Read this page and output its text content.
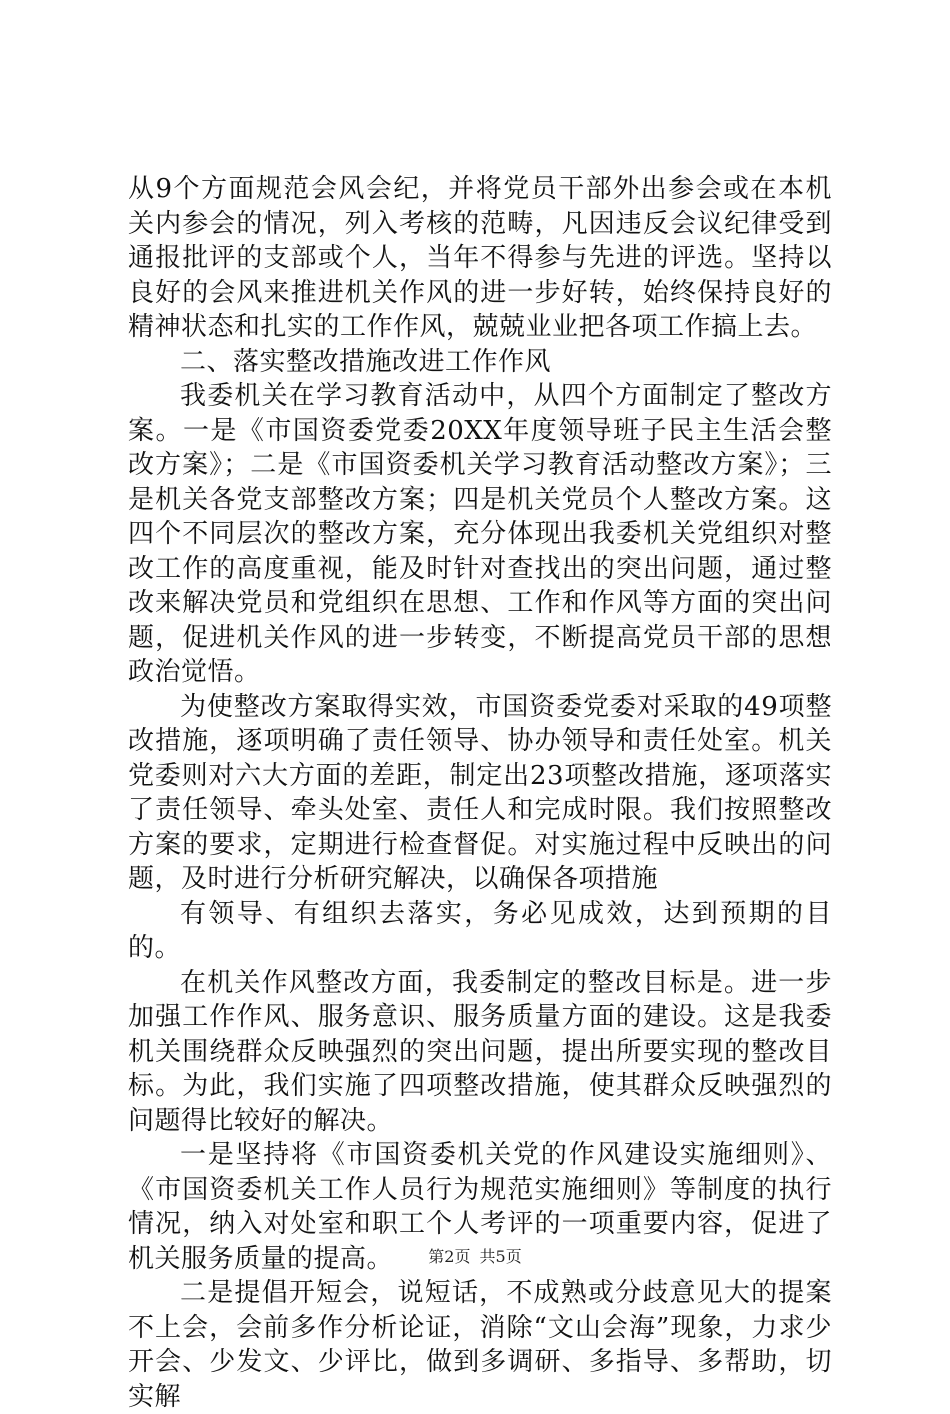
从9个方面规范会风会纪，并将党员干部外出参会或在本机关内参会的情况，列入考核的范畴，凡因违反会议纪律受到通报批评的支部或个人，当年不得参与先进的评选。坚持以良好的会风来推进机关作风的进一步好转，始终保持良好的精神状态和扎实的工作作风，兢兢业业把各项工作搞上去。

二、落实整改措施改进工作作风

我委机关在学习教育活动中，从四个方面制定了整改方案。一是《市国资委党委20XX年度领导班子民主生活会整改方案》；二是《市国资委机关学习教育活动整改方案》；三是机关各党支部整改方案；四是机关党员个人整改方案。这四个不同层次的整改方案，充分体现出我委机关党组织对整改工作的高度重视，能及时针对查找出的突出问题，通过整改来解决党员和党组织在思想、工作和作风等方面的突出问题，促进机关作风的进一步转变，不断提高党员干部的思想政治觉悟。

为使整改方案取得实效，市国资委党委对采取的49项整改措施，逐项明确了责任领导、协办领导和责任处室。机关党委则对六大方面的差距，制定出23项整改措施，逐项落实了责任领导、牵头处室、责任人和完成时限。我们按照整改方案的要求，定期进行检查督促。对实施过程中反映出的问题，及时进行分析研究解决，以确保各项措施

有领导、有组织去落实，务必见成效，达到预期的目的。

在机关作风整改方面，我委制定的整改目标是。进一步加强工作作风、服务意识、服务质量方面的建设。这是我委机关围绕群众反映强烈的突出问题，提出所要实现的整改目标。为此，我们实施了四项整改措施，使其群众反映强烈的问题得比较好的解决。

一是坚持将《市国资委机关党的作风建设实施细则》、《市国资委机关工作人员行为规范实施细则》等制度的执行情况，纳入对处室和职工个人考评的一项重要内容，促进了机关服务质量的提高。

二是提倡开短会，说短话，不成熟或分歧意见大的提案不上会，会前多作分析论证，消除“文山会海”现象，力求少开会、少发文、少评比，做到多调研、多指导、多帮助，切实解

第2页 共5页
